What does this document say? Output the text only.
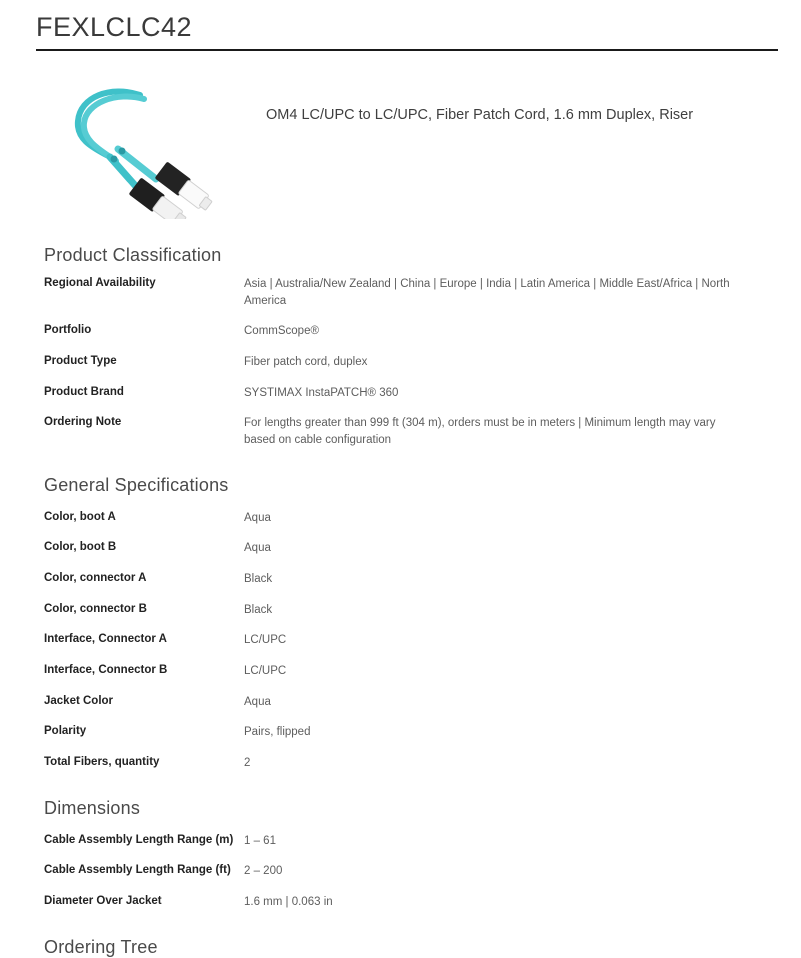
FEXLCLC42
OM4 LC/UPC to LC/UPC, Fiber Patch Cord, 1.6 mm Duplex, Riser
Product Classification
Regional Availability	Asia | Australia/New Zealand | China | Europe | India | Latin America | Middle East/Africa | North America
Portfolio	CommScope®
Product Type	Fiber patch cord, duplex
Product Brand	SYSTIMAX InstaPATCH® 360
Ordering Note	For lengths greater than 999 ft (304 m), orders must be in meters | Minimum length may vary based on cable configuration
General Specifications
Color, boot A	Aqua
Color, boot B	Aqua
Color, connector A	Black
Color, connector B	Black
Interface, Connector A	LC/UPC
Interface, Connector B	LC/UPC
Jacket Color	Aqua
Polarity	Pairs, flipped
Total Fibers, quantity	2
Dimensions
Cable Assembly Length Range (m) 1 – 61
Cable Assembly Length Range (ft)	2 – 200
Diameter Over Jacket	1.6 mm | 0.063 in
Ordering Tree
